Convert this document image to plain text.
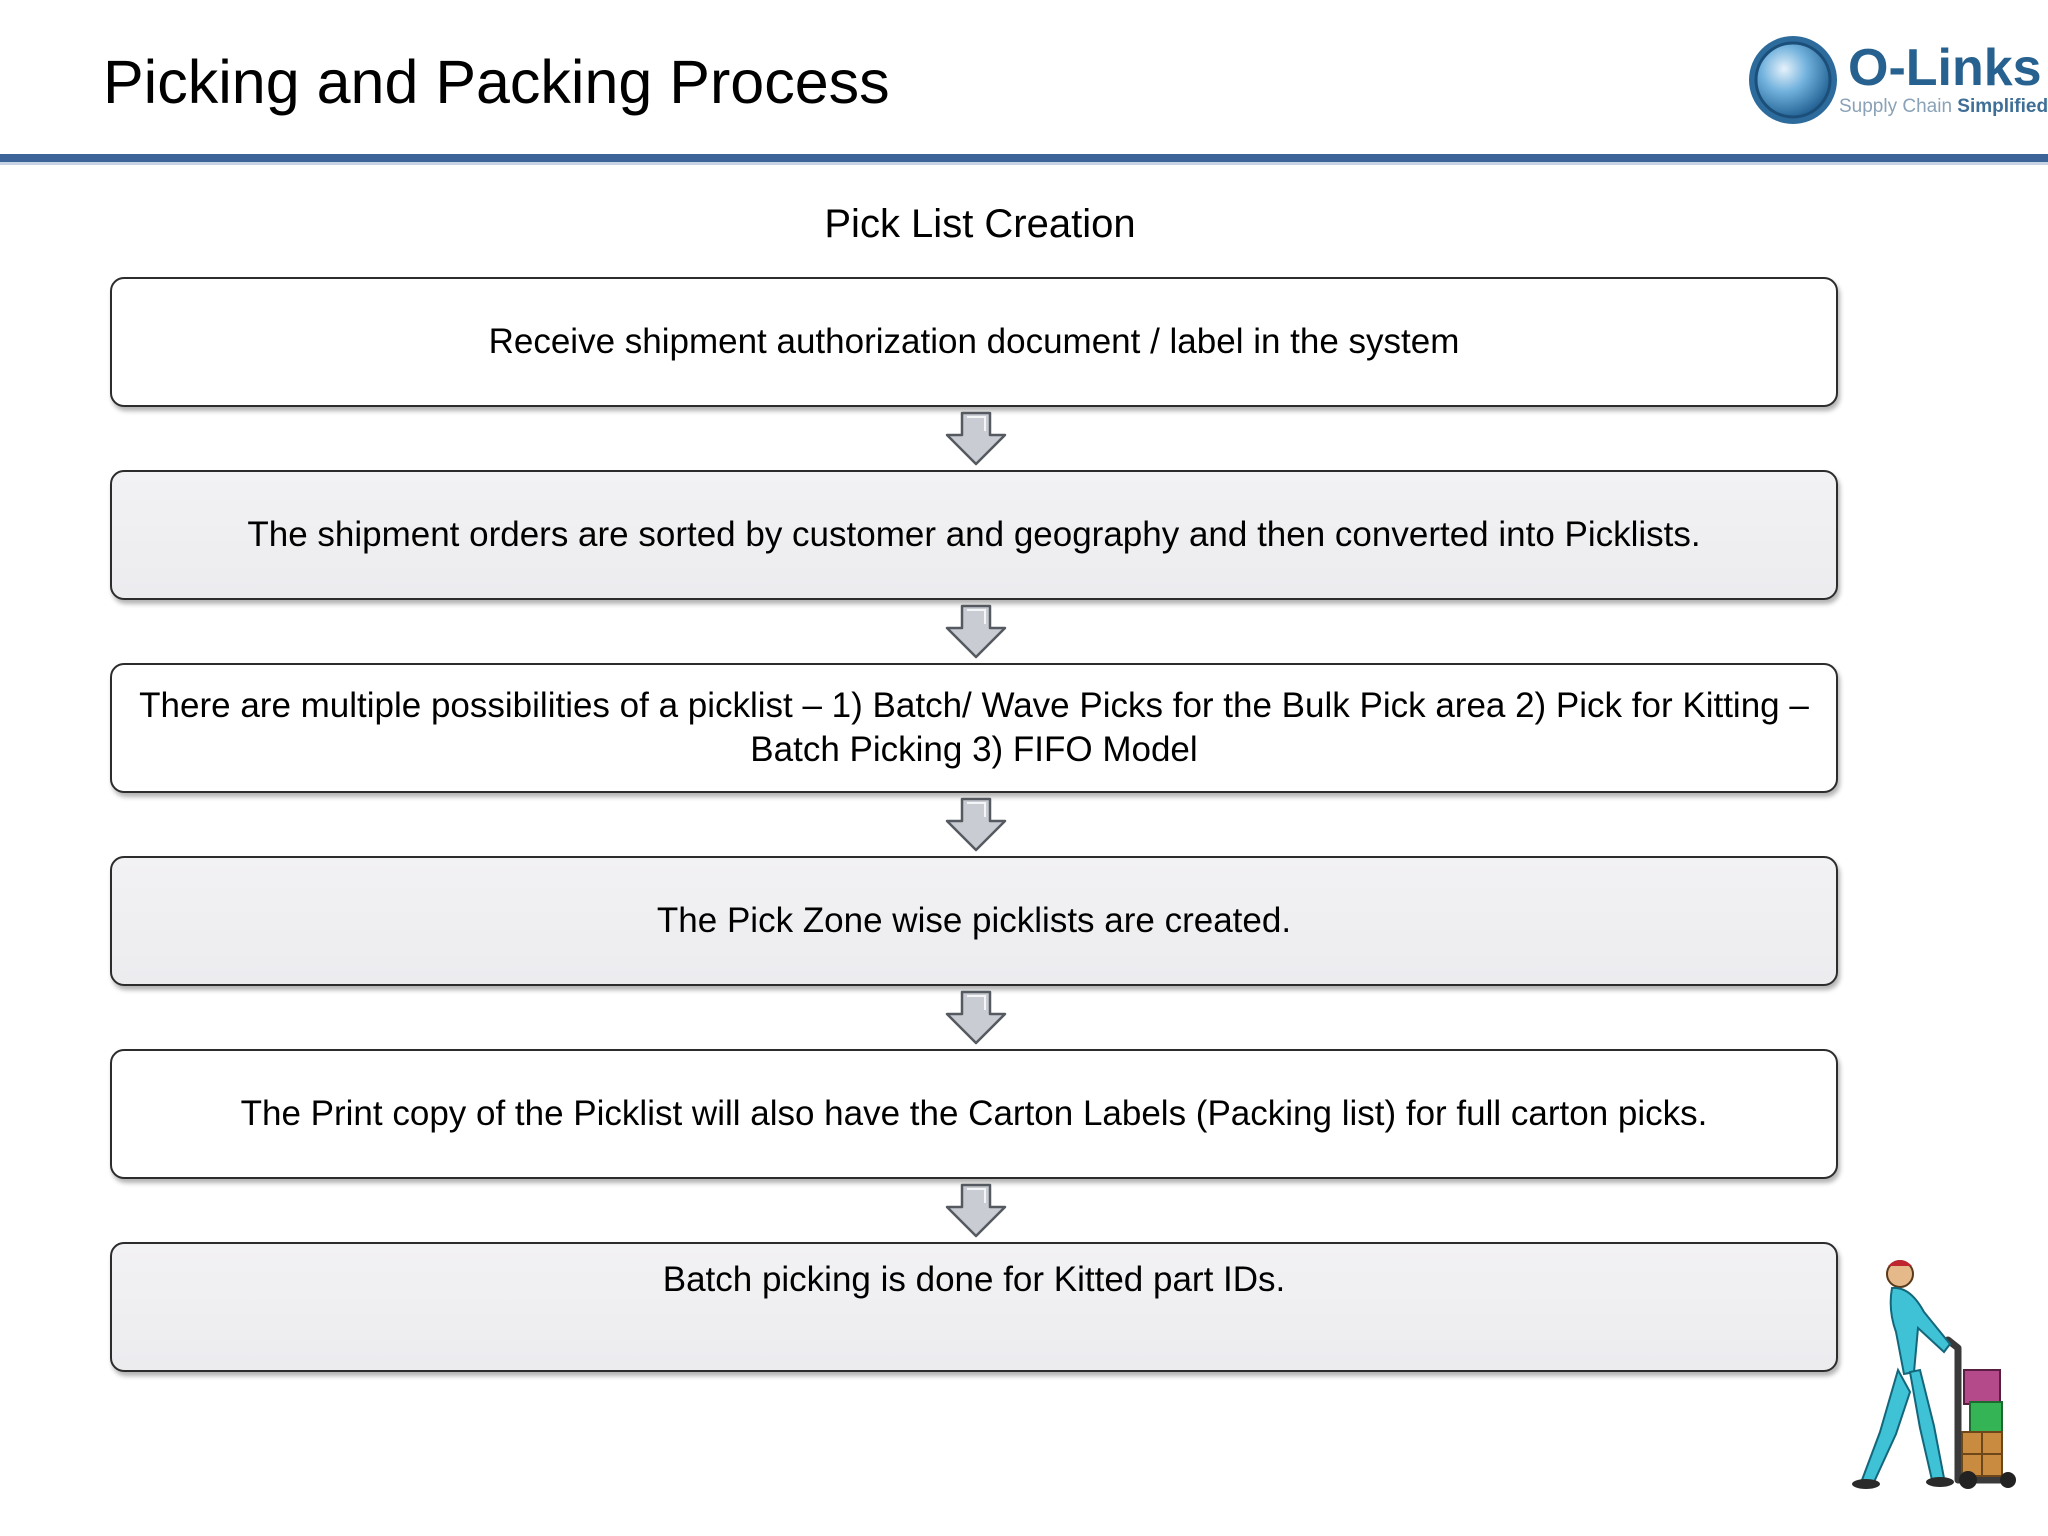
Picking and Packing Process	O-Links
Supply Chain Simplified
Pick List Creation
Receive shipment authorization document / label in the system
The shipment orders are sorted by customer and geography and then converted into Picklists.
There are multiple possibilities of a picklist – 1) Batch/ Wave Picks for the Bulk Pick area 2) Pick for Kitting – Batch Picking 3) FIFO Model
The Pick Zone wise picklists are created.
The Print copy of the Picklist will also have the Carton Labels (Packing list) for full carton picks.
Batch picking is done for Kitted part IDs.
